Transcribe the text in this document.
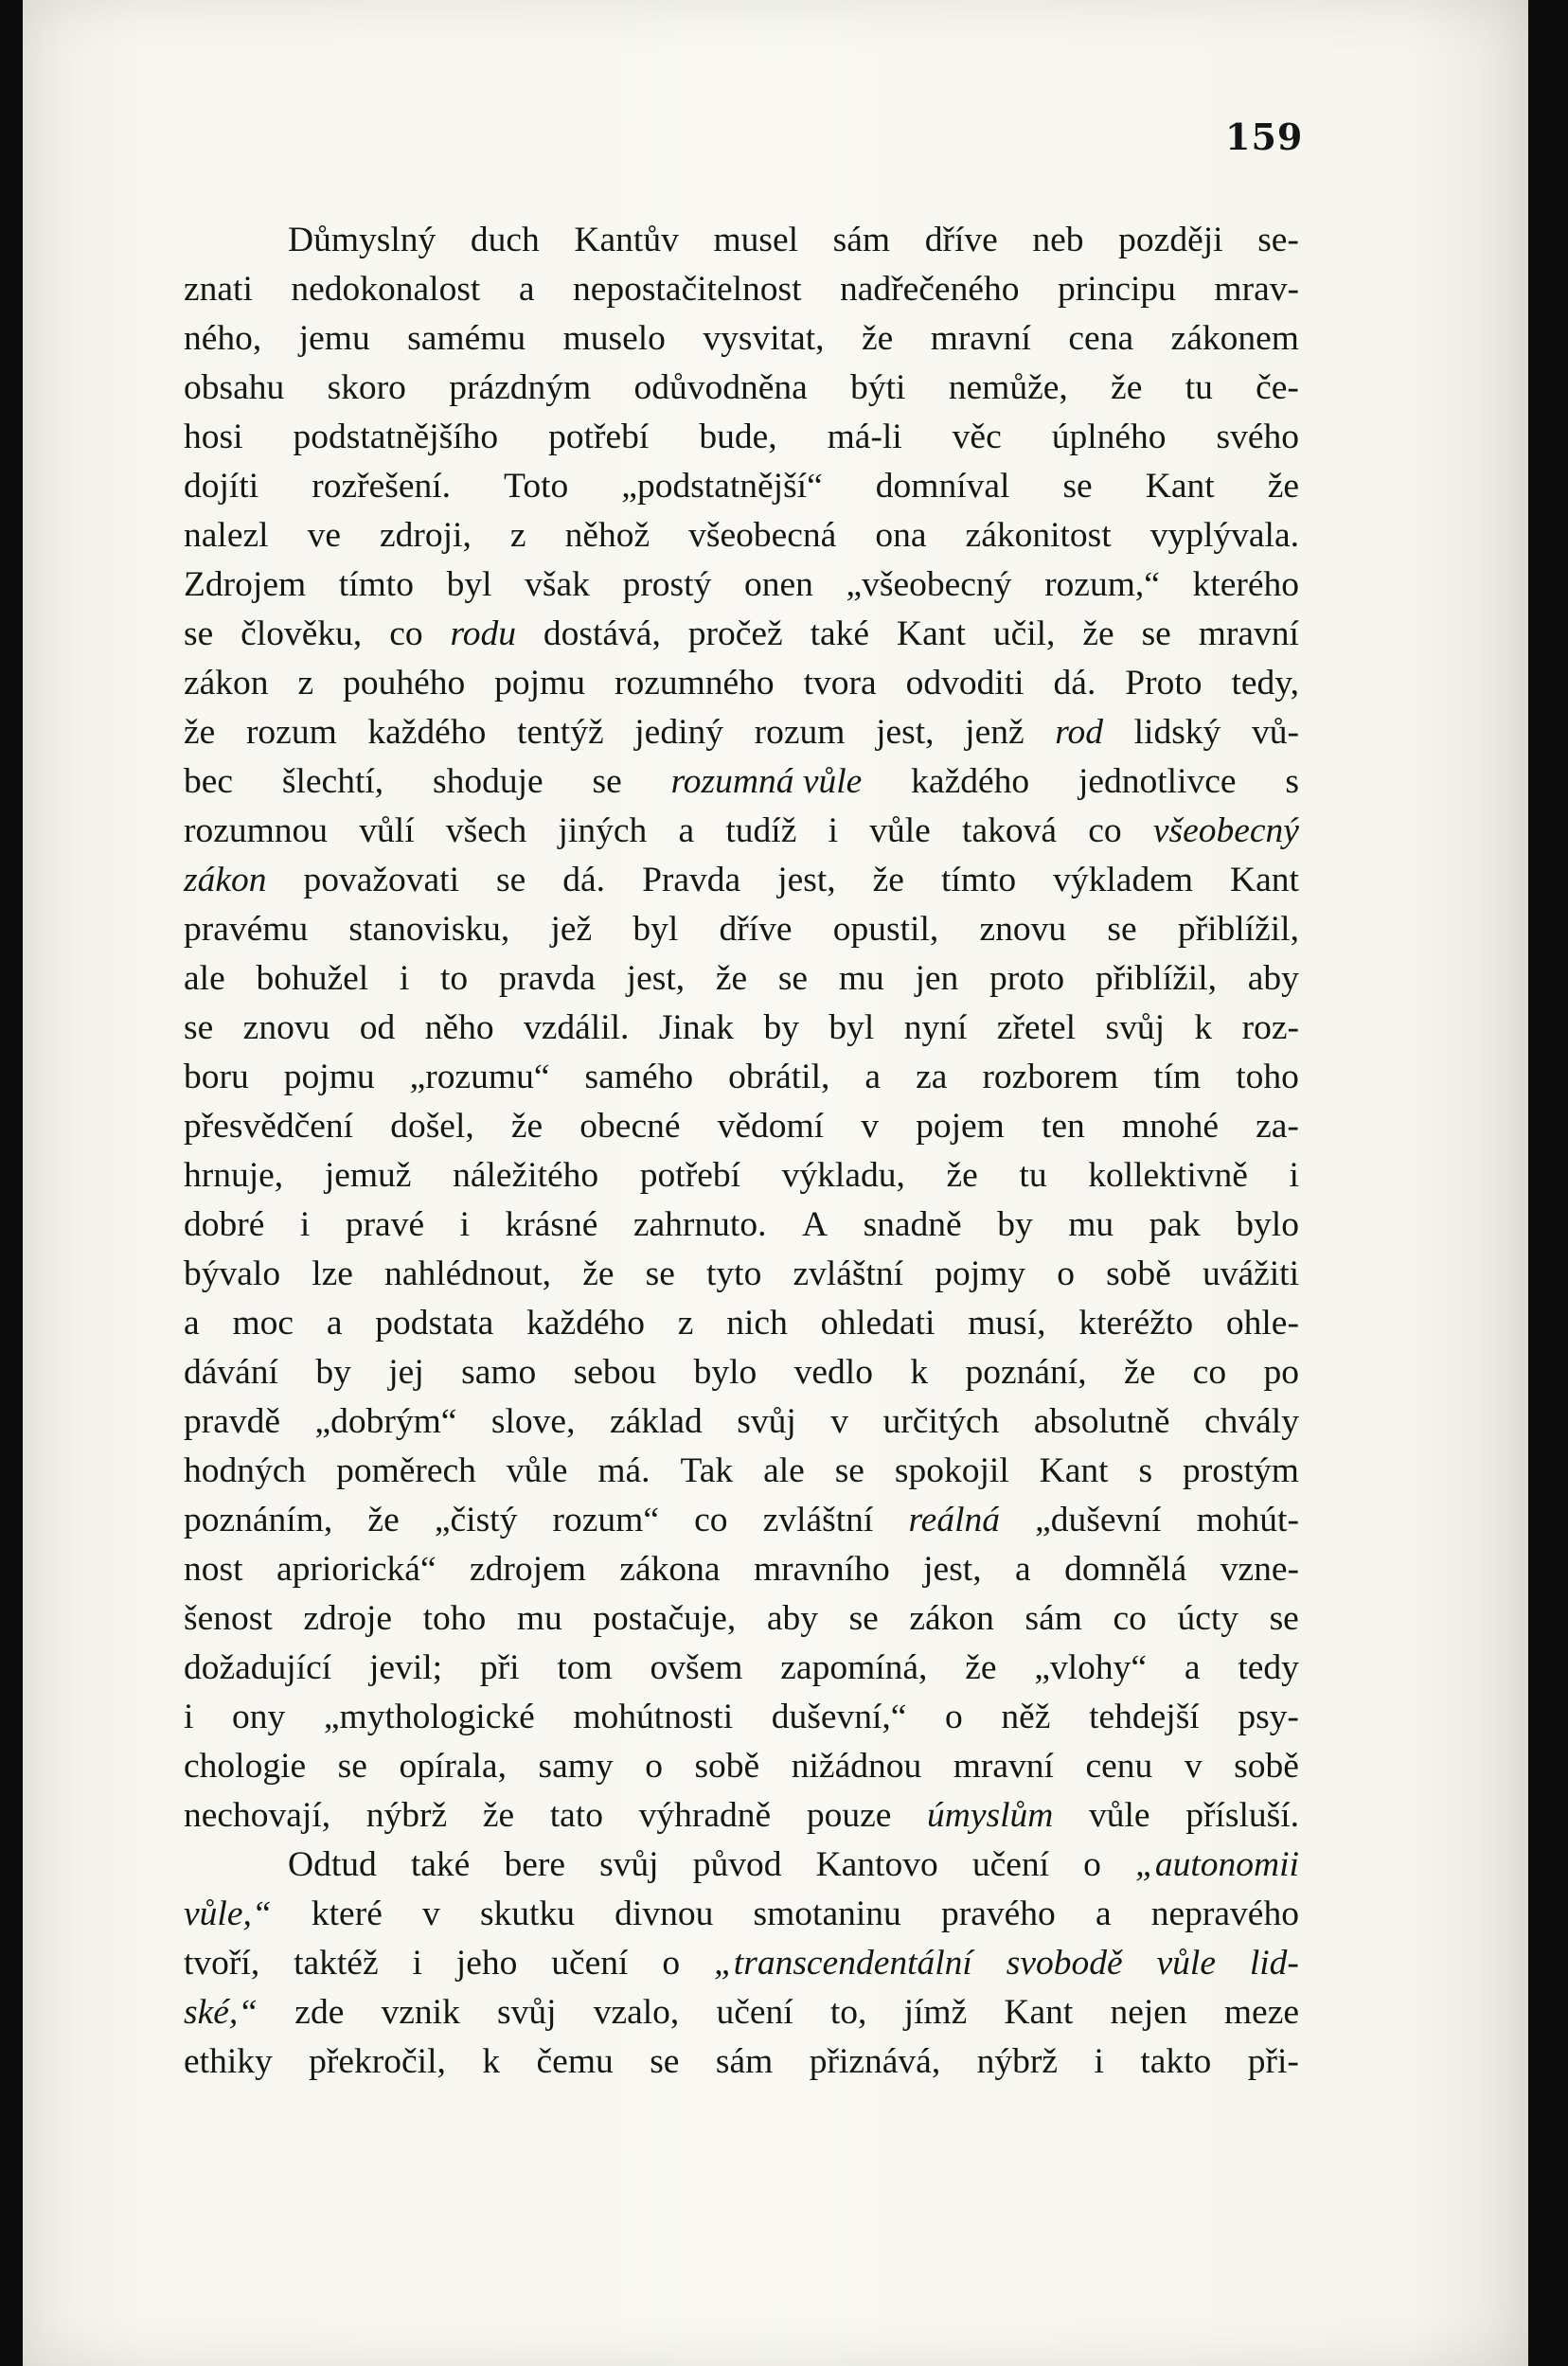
159
Důmyslný duch Kantův musel sám dříve neb později se-
znati nedokonalost a nepostačitelnost nadřečeného principu mrav-
ného, jemu samému muselo vysvitat, že mravní cena zákonem
obsahu skoro prázdným odůvodněna býti nemůže, že tu če-
hosi podstatnějšího potřebí bude, má-li věc úplného svého
dojíti rozřešení. Toto „podstatnější“ domníval se Kant že
nalezl ve zdroji, z něhož všeobecná ona zákonitost vyplývala.
Zdrojem tímto byl však prostý onen „všeobecný rozum,“ kterého
se člověku, co rodu dostává, pročež také Kant učil, že se mravní
zákon z pouhého pojmu rozumného tvora odvoditi dá. Proto tedy,
že rozum každého tentýž jediný rozum jest, jenž rod lidský vů-
bec šlechtí, shoduje se rozumná vůle každého jednotlivce s
rozumnou vůlí všech jiných a tudíž i vůle taková co všeobecný
zákon považovati se dá. Pravda jest, že tímto výkladem Kant
pravému stanovisku, jež byl dříve opustil, znovu se přiblížil,
ale bohužel i to pravda jest, že se mu jen proto přiblížil, aby
se znovu od něho vzdálil. Jinak by byl nyní zřetel svůj k roz-
boru pojmu „rozumu“ samého obrátil, a za rozborem tím toho
přesvědčení došel, že obecné vědomí v pojem ten mnohé za-
hrnuje, jemuž náležitého potřebí výkladu, že tu kollektivně i
dobré i pravé i krásné zahrnuto. A snadně by mu pak bylo
bývalo lze nahlédnout, že se tyto zvláštní pojmy o sobě uvážiti
a moc a podstata každého z nich ohledati musí, kteréžto ohle-
dávání by jej samo sebou bylo vedlo k poznání, že co po
pravdě „dobrým“ slove, základ svůj v určitých absolutně chvály
hodných poměrech vůle má. Tak ale se spokojil Kant s prostým
poznáním, že „čistý rozum“ co zvláštní reálná „duševní mohút-
nost apriorická“ zdrojem zákona mravního jest, a domnělá vzne-
šenost zdroje toho mu postačuje, aby se zákon sám co úcty se
dožadující jevil; při tom ovšem zapomíná, že „vlohy“ a tedy
i ony „mythologické mohútnosti duševní,“ o něž tehdejší psy-
chologie se opírala, samy o sobě nižádnou mravní cenu v sobě
nechovají, nýbrž že tato výhradně pouze úmyslům vůle přísluší.
Odtud také bere svůj původ Kantovo učení o „autonomii
vůle,“ které v skutku divnou smotaninu pravého a nepravého
tvoří, taktéž i jeho učení o „transcendentální svobodě vůle lid-
ské,“ zde vznik svůj vzalo, učení to, jímž Kant nejen meze
ethiky překročil, k čemu se sám přiznává, nýbrž i takto při-
